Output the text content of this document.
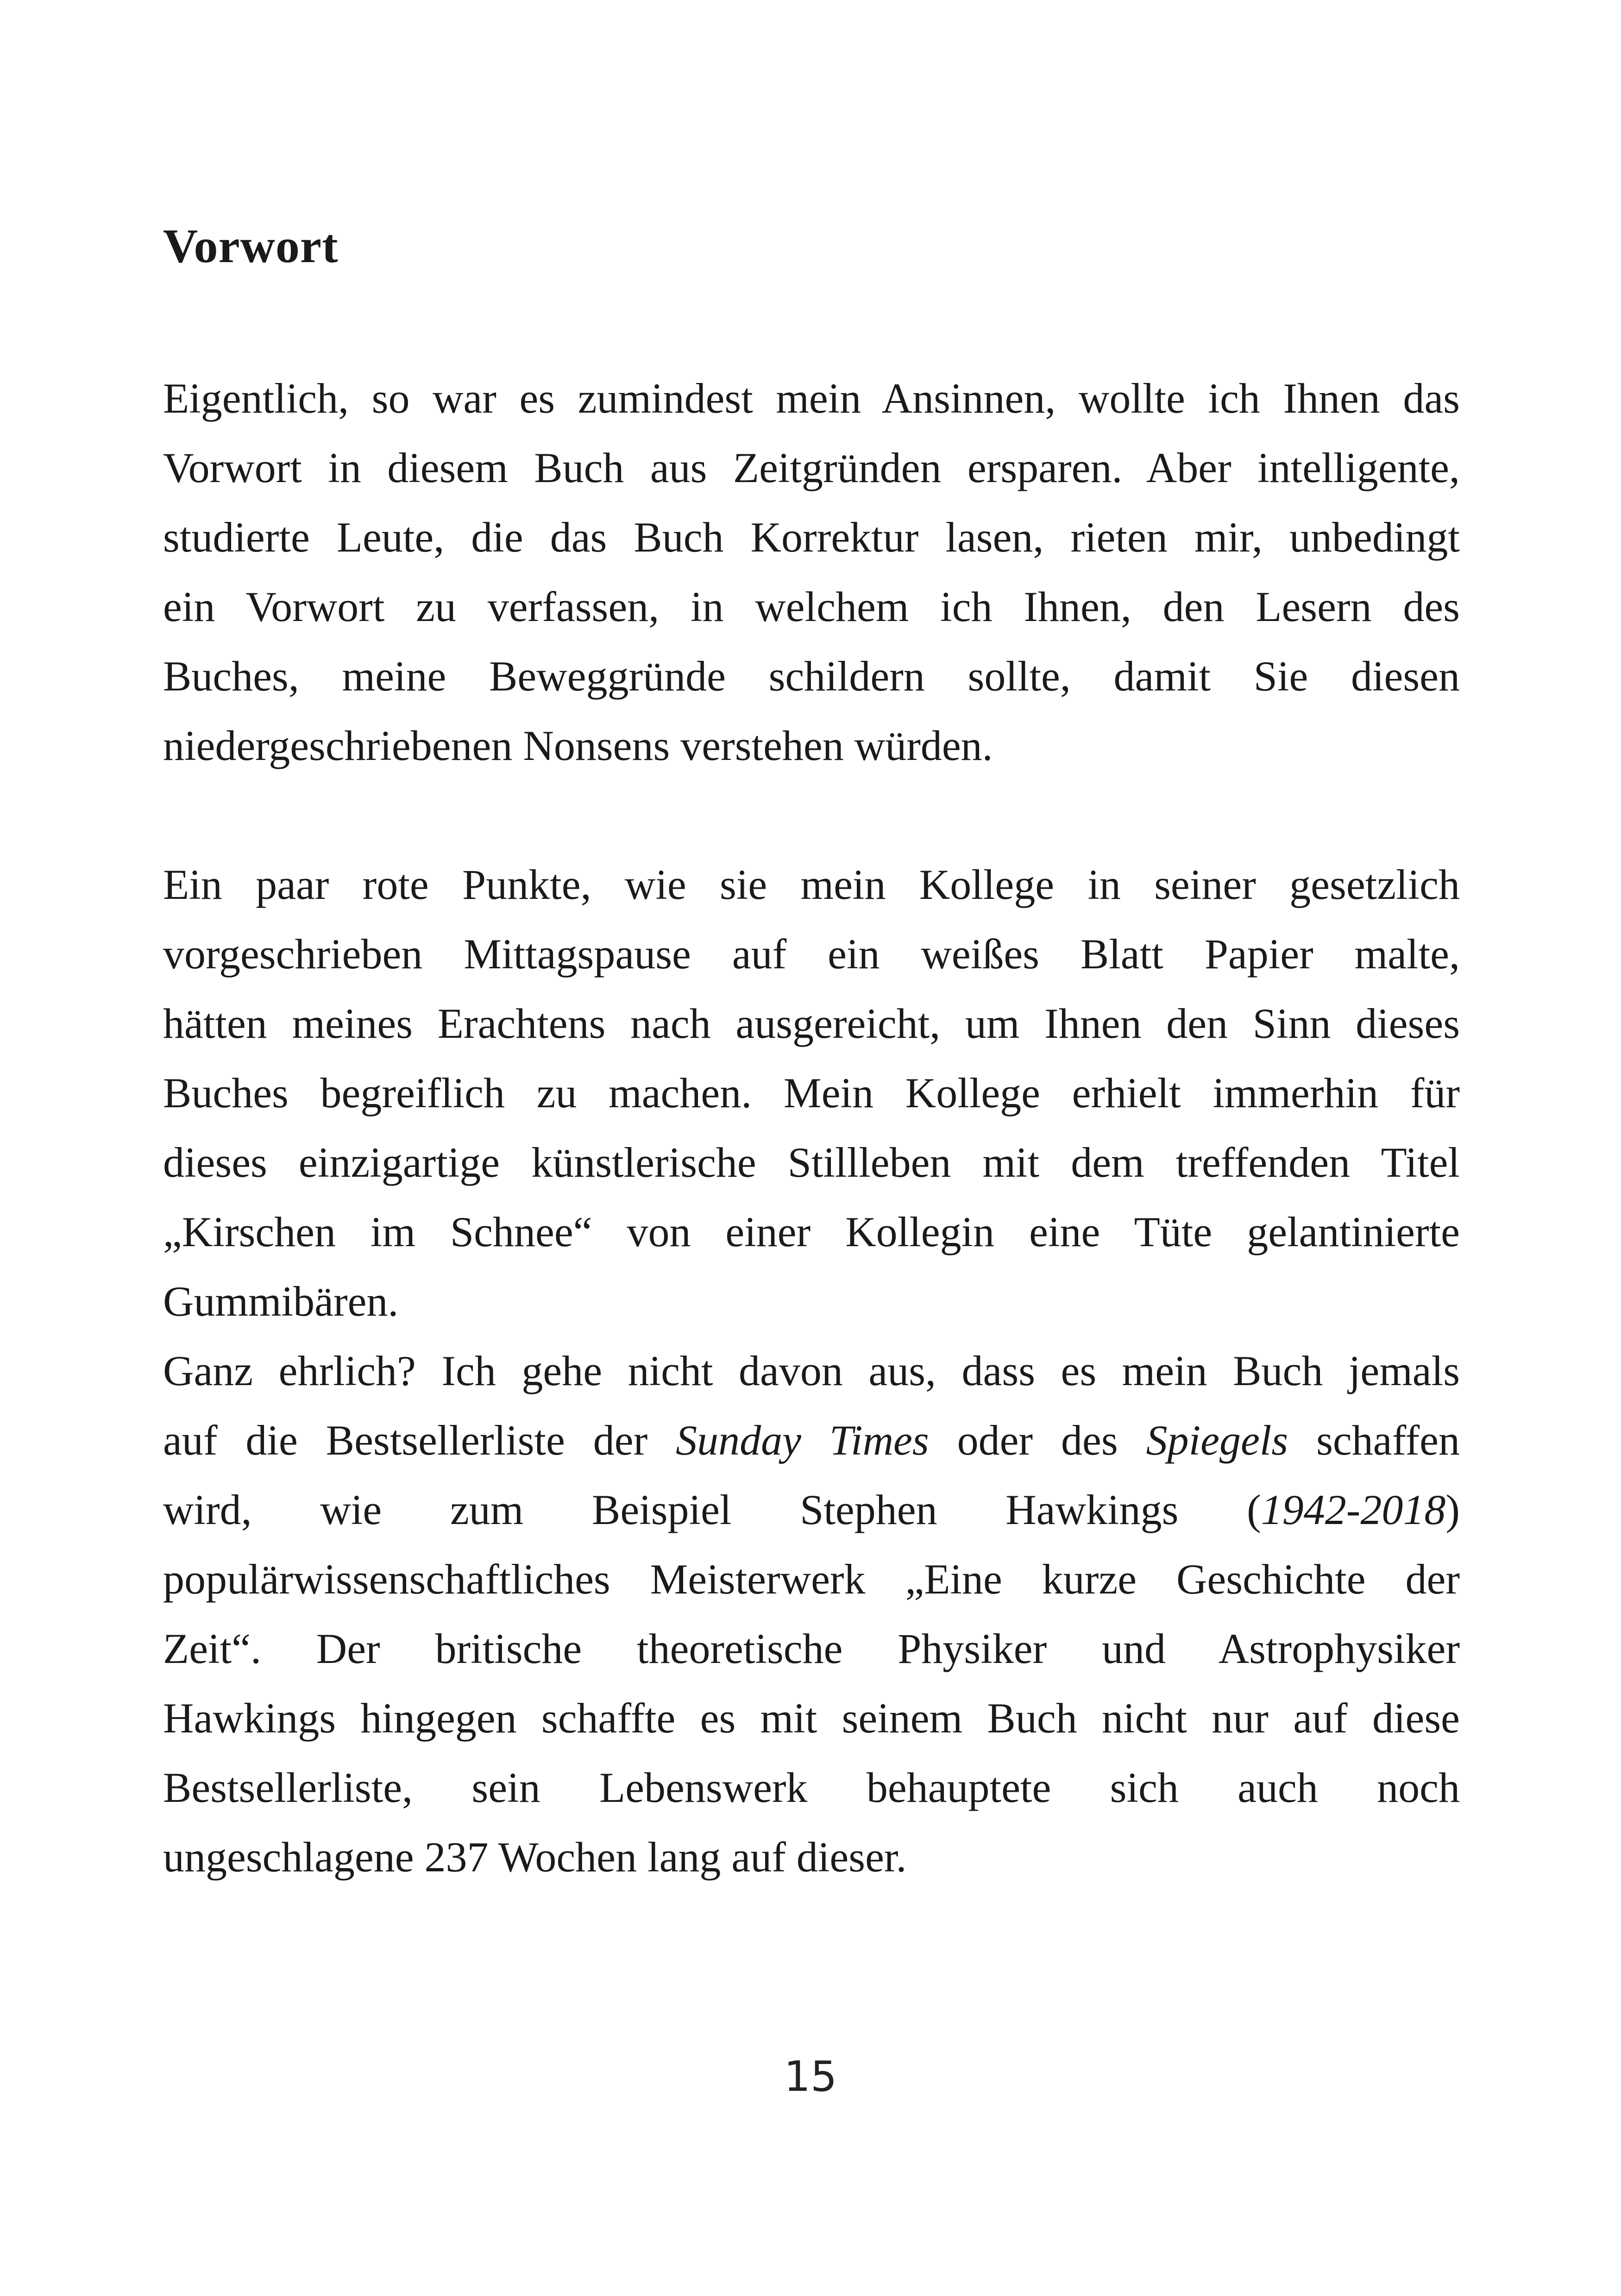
Vorwort
Eigentlich, so war es zumindest mein Ansinnen, wollte ich Ihnen das
Vorwort in diesem Buch aus Zeitgründen ersparen. Aber intelligente,
studierte Leute, die das Buch Korrektur lasen, rieten mir, unbedingt
ein Vorwort zu verfassen, in welchem ich Ihnen, den Lesern des
Buches, meine Beweggründe schildern sollte, damit Sie diesen
niedergeschriebenen Nonsens verstehen würden.
Ein paar rote Punkte, wie sie mein Kollege in seiner gesetzlich
vorgeschrieben Mittagspause auf ein weißes Blatt Papier malte,
hätten meines Erachtens nach ausgereicht, um Ihnen den Sinn dieses
Buches begreiflich zu machen. Mein Kollege erhielt immerhin für
dieses einzigartige künstlerische Stillleben mit dem treffenden Titel
„Kirschen im Schnee“ von einer Kollegin eine Tüte gelantinierte
Gummibären.
Ganz ehrlich? Ich gehe nicht davon aus, dass es mein Buch jemals
auf die Bestsellerliste der Sunday Times oder des Spiegels schaffen
wird, wie zum Beispiel Stephen Hawkings (1942-2018)
populärwissenschaftliches Meisterwerk „Eine kurze Geschichte der
Zeit“. Der britische theoretische Physiker und Astrophysiker
Hawkings hingegen schaffte es mit seinem Buch nicht nur auf diese
Bestsellerliste, sein Lebenswerk behauptete sich auch noch
ungeschlagene 237 Wochen lang auf dieser.
15
